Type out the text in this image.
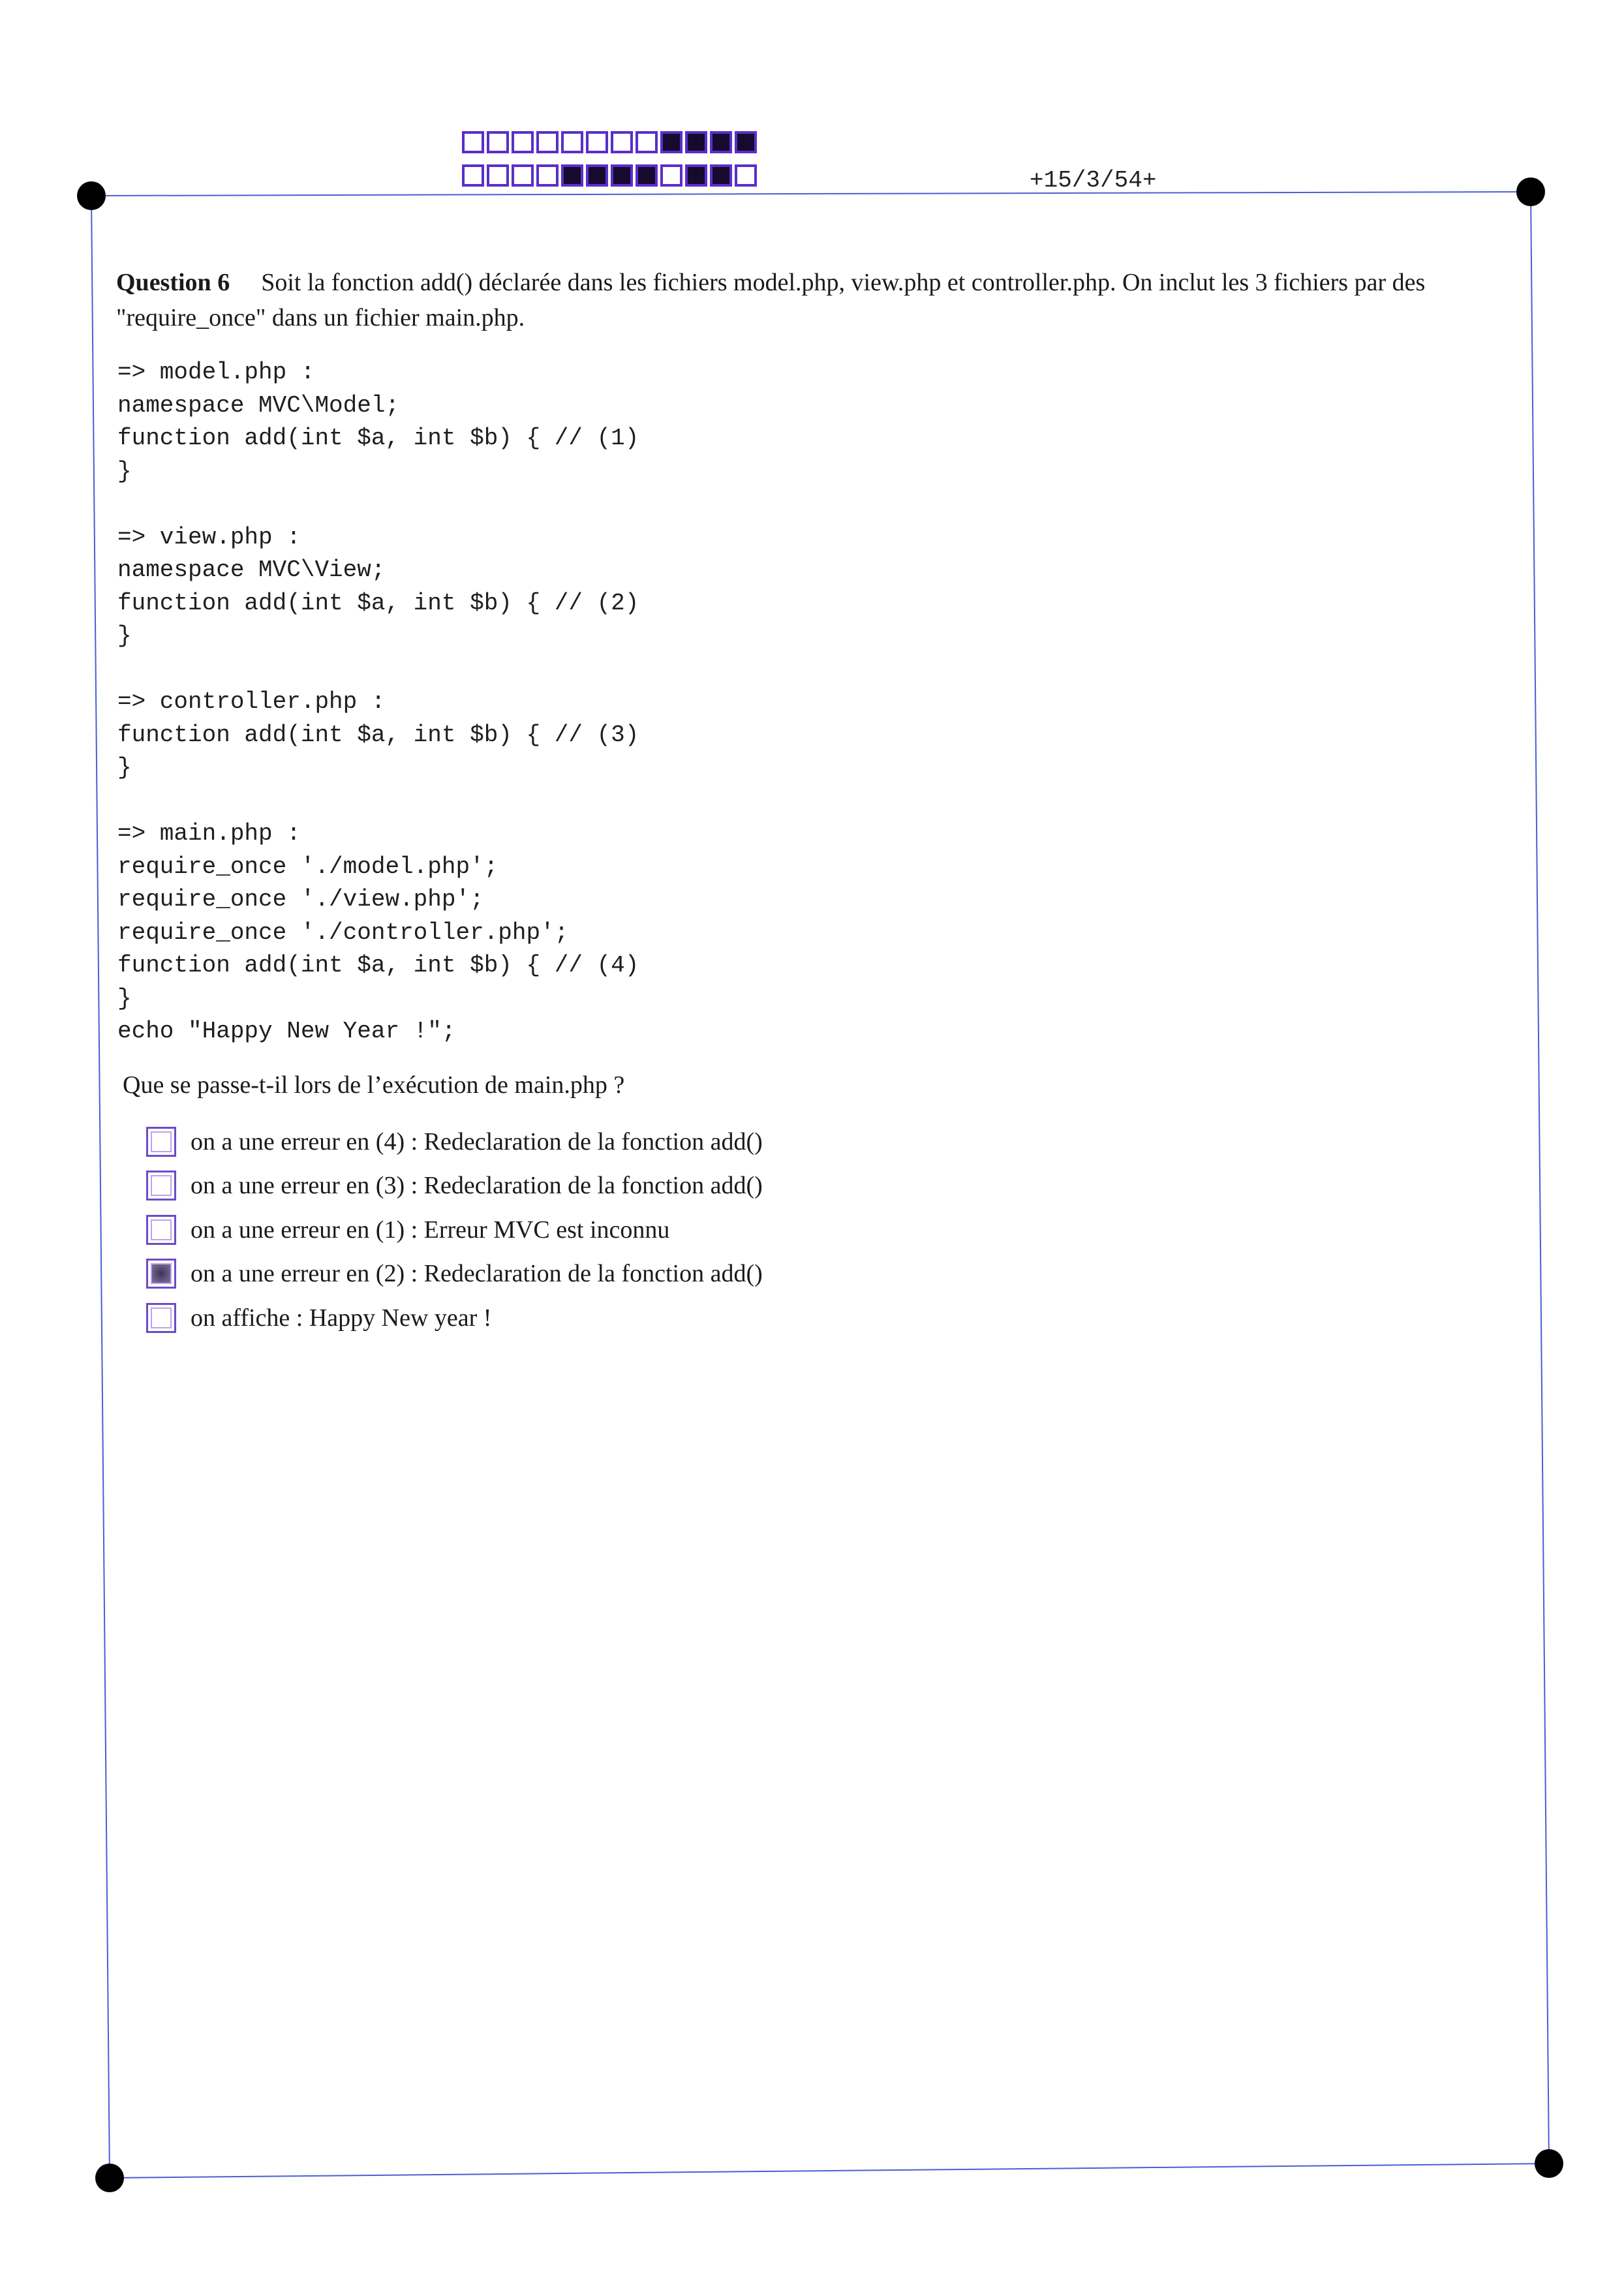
+15/3/54+
Question 6 Soit la fonction add() déclarée dans les fichiers model.php, view.php et controller.php. On inclut les 3 fichiers par des "require_once" dans un fichier main.php.
=> model.php :
namespace MVC\Model;
function add(int $a, int $b) { // (1)
}

=> view.php :
namespace MVC\View;
function add(int $a, int $b) { // (2)
}

=> controller.php :
function add(int $a, int $b) { // (3)
}

=> main.php :
require_once './model.php';
require_once './view.php';
require_once './controller.php';
function add(int $a, int $b) { // (4)
}
echo "Happy New Year !";
Que se passe-t-il lors de l’exécution de main.php ?
on a une erreur en (4) : Redeclaration de la fonction add()
on a une erreur en (3) : Redeclaration de la fonction add()
on a une erreur en (1) : Erreur MVC est inconnu
on a une erreur en (2) : Redeclaration de la fonction add()
on affiche : Happy New year !
